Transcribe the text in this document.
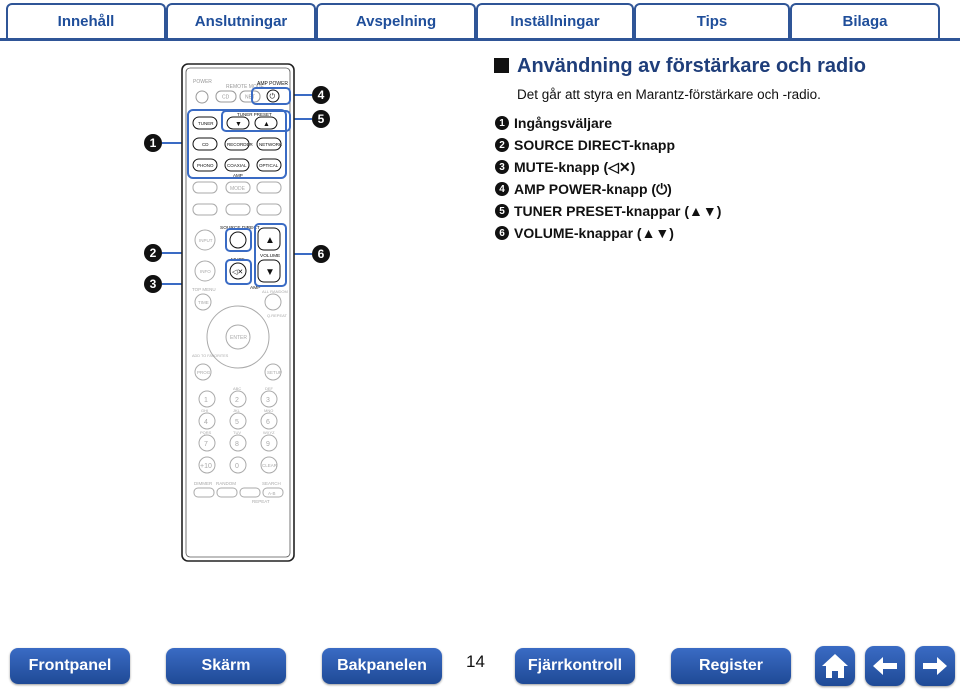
Innehåll	Anslutningar	Avspelning	Inställningar	Tips	Bilaga
Användning av förstärkare och radio
Det går att styra en Marantz-förstärkare och -radio.
1 Ingångsväljare
2 SOURCE DIRECT-knapp
3 MUTE-knapp (◁✕)
4 AMP POWER-knapp (⏻)
5 TUNER PRESET-knappar (▲▼)
6 VOLUME-knappar (▲▼)
POWER
REMOTE MODE
CD	NET
AMP POWER
⏻
TUNER PRESET
▼	▲
TUNER
CD	RECORDER NETWORK
PHONO	COAXIAL	OPTICAL
AMP
MODE
SOURCE DIRECT
INPUT	▲
VOLUME
▼
MUTE
◁✕
INFO
TOP MENU	AMP
ALL RANDOM
TIME
Q.REPEAT
ENTER
ADD TO FAVORITES
PROG	SETUP
ABC	DEF
GHI	JKL	MNO
PQRS	TUV	WXYZ
1	2	3
4	5	6
7	8	9
+10	0	CLEAR
DIMMER RANDOM	SEARCH
A-B
REPEAT
1
2
3
4
5
6
Frontpanel	Skärm	Bakpanelen	14	Fjärrkontroll	Register
